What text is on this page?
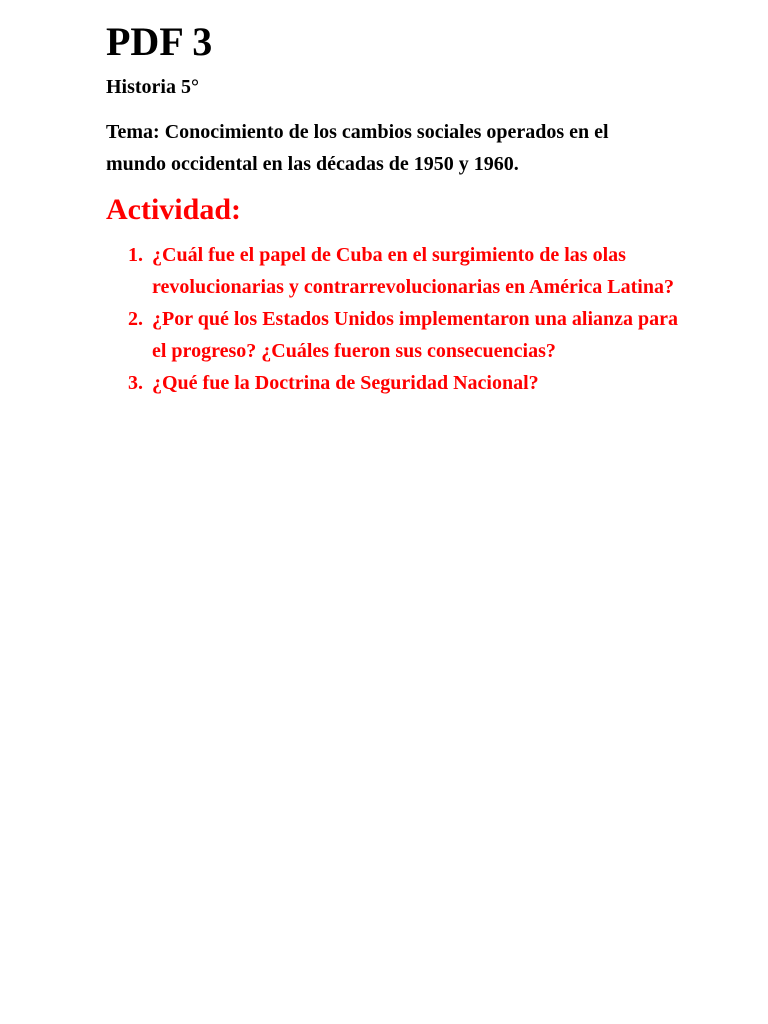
PDF 3

Historia 5°

Tema: Conocimiento de los cambios sociales operados en el mundo occidental en las décadas de 1950 y 1960.

Actividad:
1. ¿Cuál fue el papel de Cuba en el surgimiento de las olas revolucionarias y contrarrevolucionarias en América Latina?
2. ¿Por qué los Estados Unidos implementaron una alianza para el progreso? ¿Cuáles fueron sus consecuencias?
3. ¿Qué fue la Doctrina de Seguridad Nacional?
